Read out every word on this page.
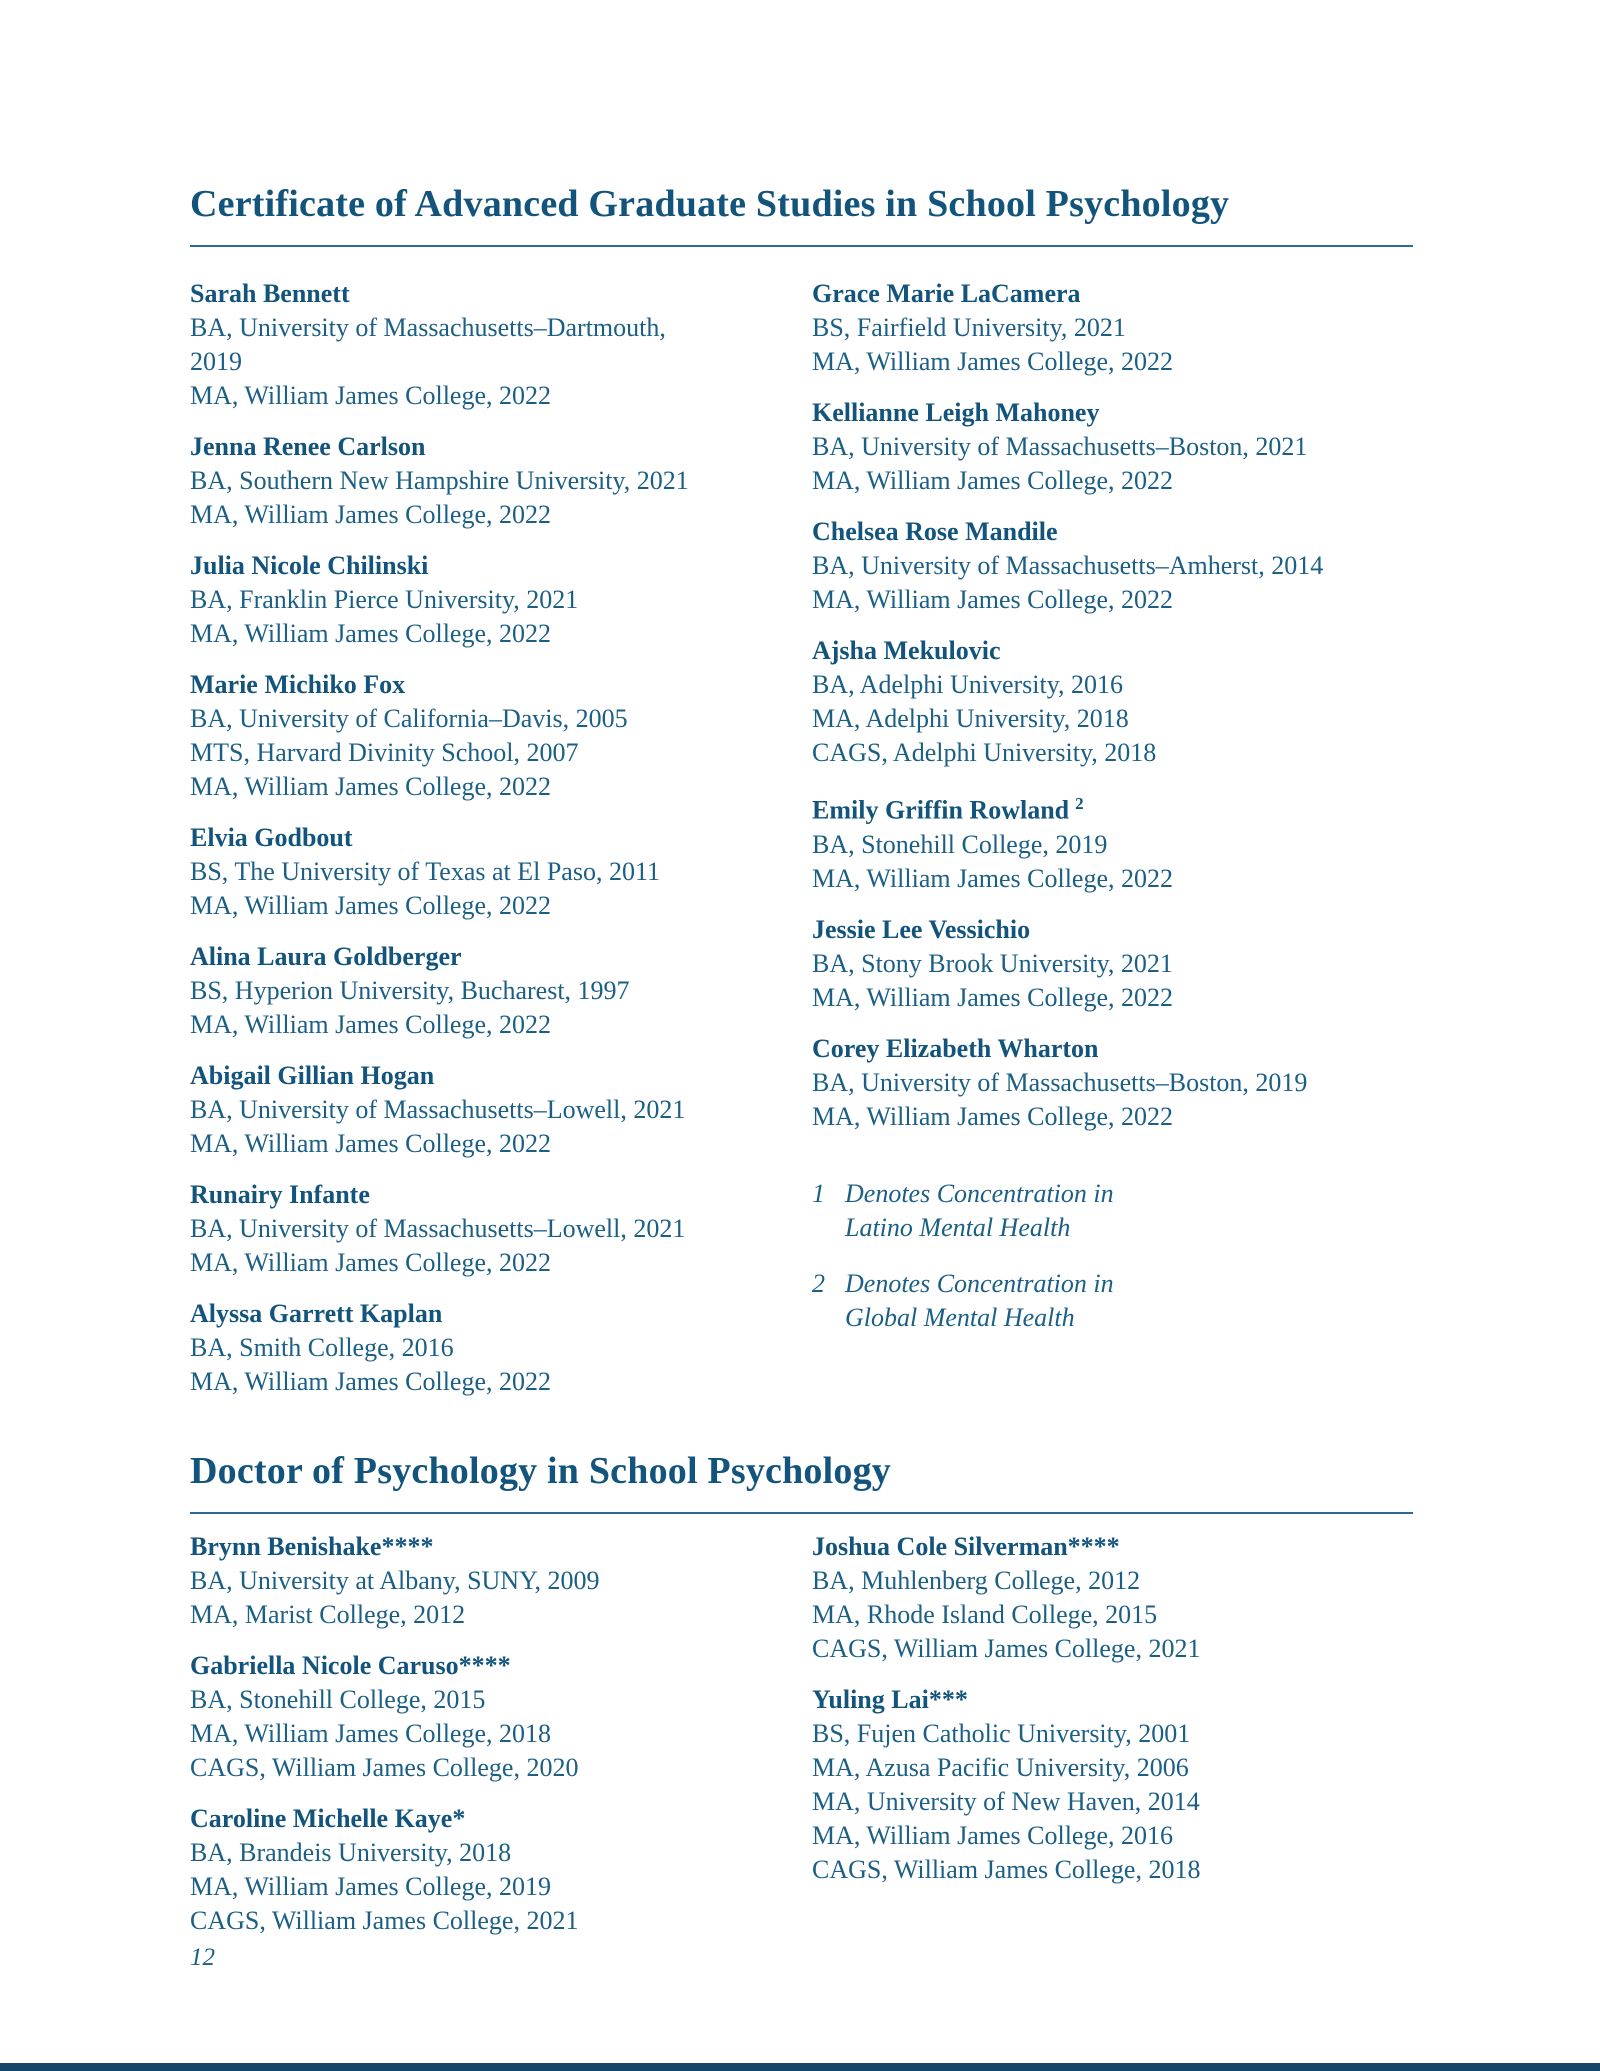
Certificate of Advanced Graduate Studies in School Psychology
Sarah Bennett
BA, University of Massachusetts–Dartmouth,
2019
MA, William James College, 2022
Jenna Renee Carlson
BA, Southern New Hampshire University, 2021
MA, William James College, 2022
Julia Nicole Chilinski
BA, Franklin Pierce University, 2021
MA, William James College, 2022
Marie Michiko Fox
BA, University of California–Davis, 2005
MTS, Harvard Divinity School, 2007
MA, William James College, 2022
Elvia Godbout
BS, The University of Texas at El Paso, 2011
MA, William James College, 2022
Alina Laura Goldberger
BS, Hyperion University, Bucharest, 1997
MA, William James College, 2022
Abigail Gillian Hogan
BA, University of Massachusetts–Lowell, 2021
MA, William James College, 2022
Runairy Infante
BA, University of Massachusetts–Lowell, 2021
MA, William James College, 2022
Alyssa Garrett Kaplan
BA, Smith College, 2016
MA, William James College, 2022
Grace Marie LaCamera
BS, Fairfield University, 2021
MA, William James College, 2022
Kellianne Leigh Mahoney
BA, University of Massachusetts–Boston, 2021
MA, William James College, 2022
Chelsea Rose Mandile
BA, University of Massachusetts–Amherst, 2014
MA, William James College, 2022
Ajsha Mekulovic
BA, Adelphi University, 2016
MA, Adelphi University, 2018
CAGS, Adelphi University, 2018
Emily Griffin Rowland $^2$
BA, Stonehill College, 2019
MA, William James College, 2022
Jessie Lee Vessichio
BA, Stony Brook University, 2021
MA, William James College, 2022
Corey Elizabeth Wharton
BA, University of Massachusetts–Boston, 2019
MA, William James College, 2022
1 Denotes Concentration in
Latino Mental Health
2 Denotes Concentration in
Global Mental Health
Doctor of Psychology in School Psychology
Brynn Benishake****
BA, University at Albany, SUNY, 2009
MA, Marist College, 2012
Gabriella Nicole Caruso****
BA, Stonehill College, 2015
MA, William James College, 2018
CAGS, William James College, 2020
Caroline Michelle Kaye*
BA, Brandeis University, 2018
MA, William James College, 2019
CAGS, William James College, 2021
Joshua Cole Silverman****
BA, Muhlenberg College, 2012
MA, Rhode Island College, 2015
CAGS, William James College, 2021
Yuling Lai***
BS, Fujen Catholic University, 2001
MA, Azusa Pacific University, 2006
MA, University of New Haven, 2014
MA, William James College, 2016
CAGS, William James College, 2018
12
